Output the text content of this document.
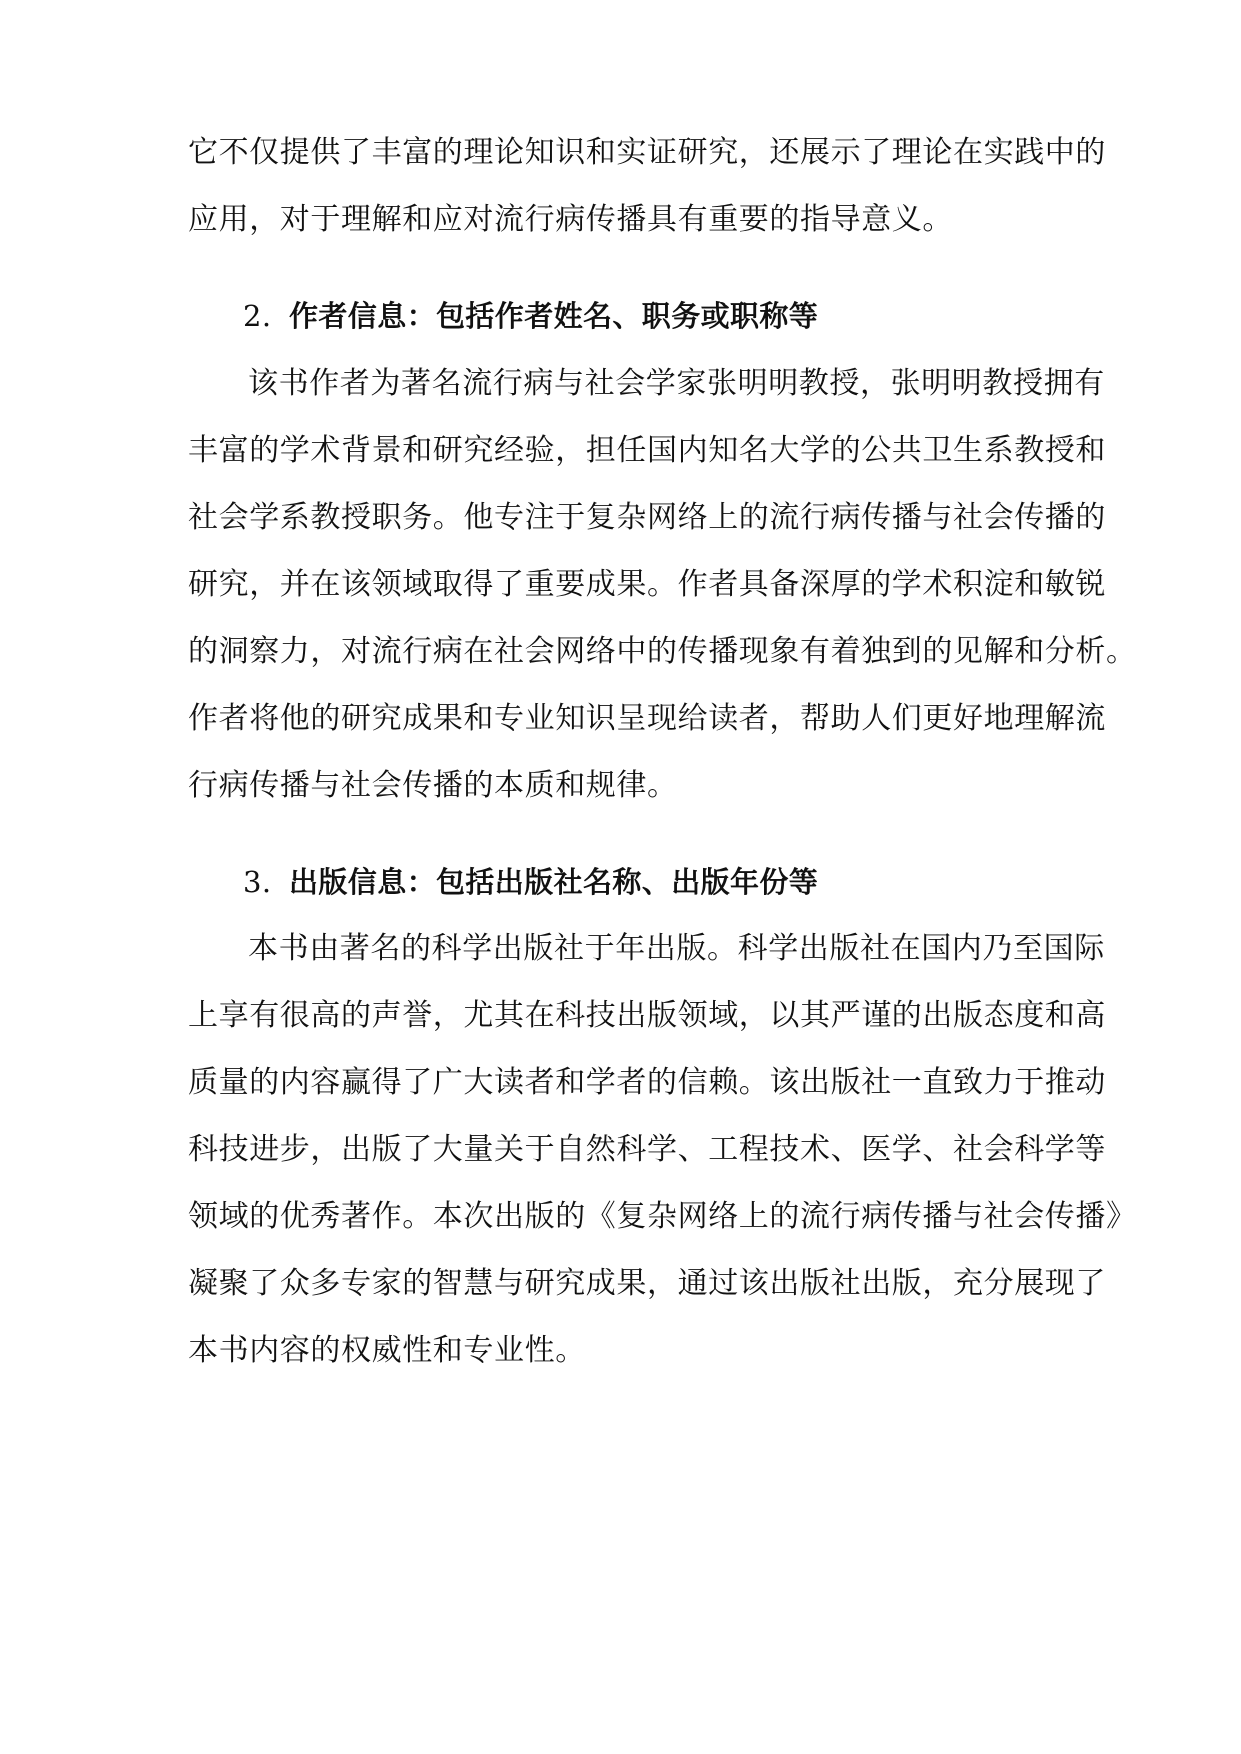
它不仅提供了丰富的理论知识和实证研究，还展示了理论在实践中的
应用，对于理解和应对流行病传播具有重要的指导意义。
2. 作者信息：包括作者姓名、职务或职称等
该书作者为著名流行病与社会学家张明明教授，张明明教授拥有
丰富的学术背景和研究经验，担任国内知名大学的公共卫生系教授和
社会学系教授职务。他专注于复杂网络上的流行病传播与社会传播的
研究，并在该领域取得了重要成果。作者具备深厚的学术积淀和敏锐
的洞察力，对流行病在社会网络中的传播现象有着独到的见解和分析。
作者将他的研究成果和专业知识呈现给读者，帮助人们更好地理解流
行病传播与社会传播的本质和规律。
3. 出版信息：包括出版社名称、出版年份等
本书由著名的科学出版社于年出版。科学出版社在国内乃至国际
上享有很高的声誉，尤其在科技出版领域，以其严谨的出版态度和高
质量的内容赢得了广大读者和学者的信赖。该出版社一直致力于推动
科技进步，出版了大量关于自然科学、工程技术、医学、社会科学等
领域的优秀著作。本次出版的《复杂网络上的流行病传播与社会传播》
凝聚了众多专家的智慧与研究成果，通过该出版社出版，充分展现了
本书内容的权威性和专业性。
